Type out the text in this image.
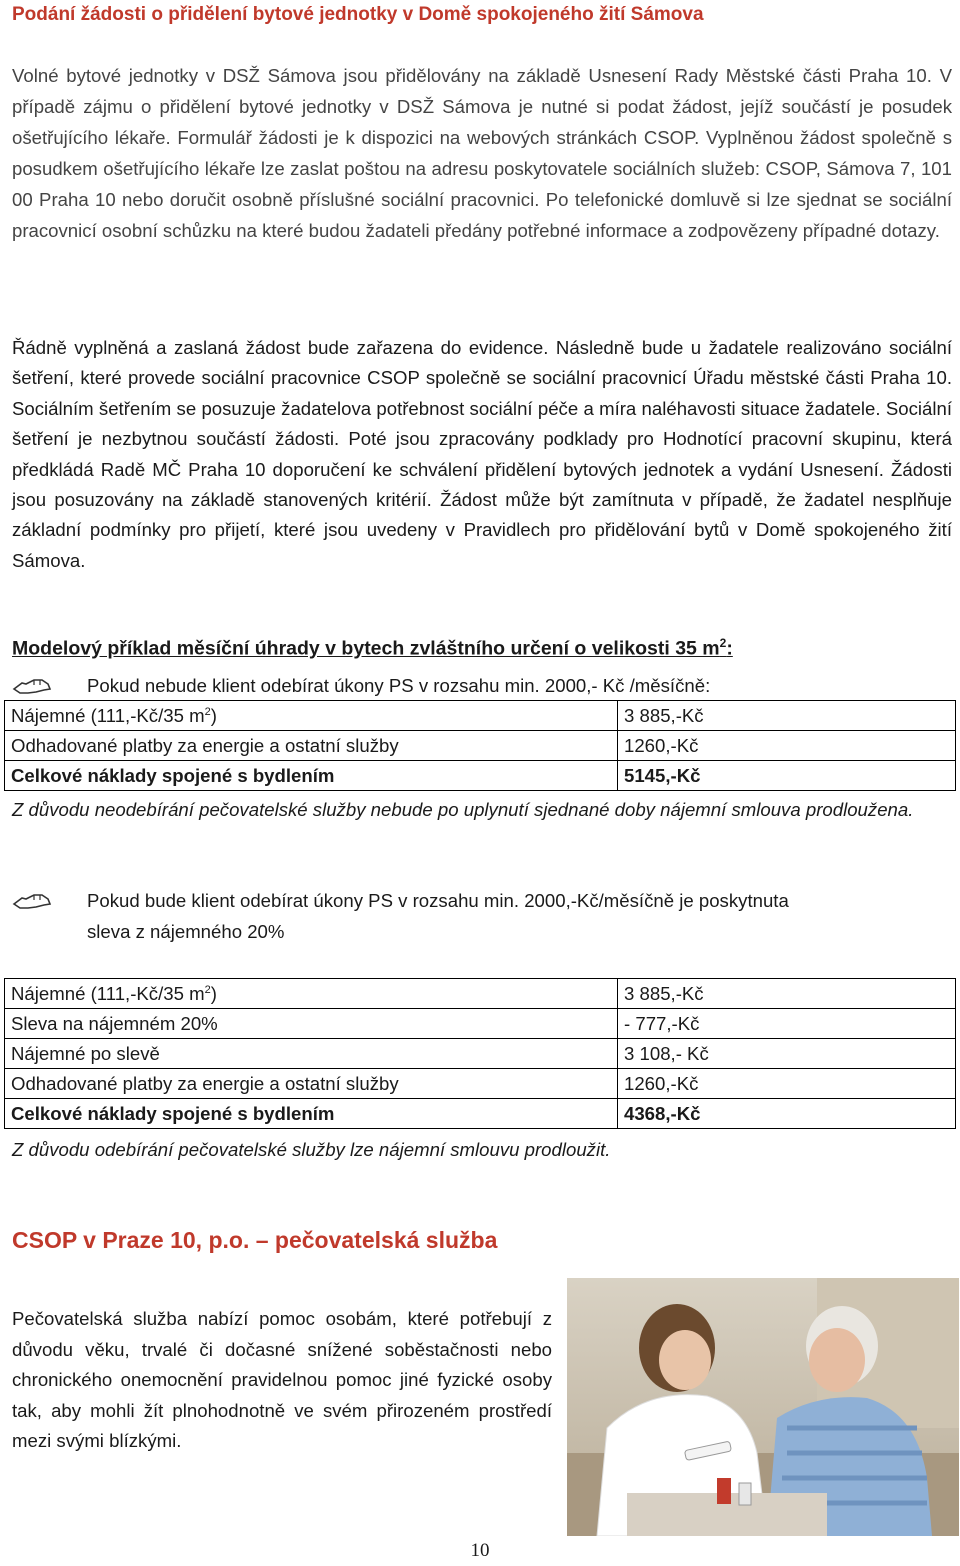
Podání žádosti o přidělení bytové jednotky v Domě spokojeného žití Sámova

Volné bytové jednotky v DSŽ Sámova jsou přidělovány na základě Usnesení Rady Městské části Praha 10. V případě zájmu o přidělení bytové jednotky v DSŽ Sámova je nutné si podat žádost, jejíž součástí je posudek ošetřujícího lékaře. Formulář žádosti je k dispozici na webových stránkách CSOP. Vyplněnou žádost společně s posudkem ošetřujícího lékaře lze zaslat poštou na adresu poskytovatele sociálních služeb: CSOP, Sámova 7, 101 00 Praha 10 nebo doručit osobně příslušné sociální pracovnici. Po telefonické domluvě si lze sjednat se sociální pracovnicí osobní schůzku na které budou žadateli předány potřebné informace a zodpovězeny případné dotazy.

Řádně vyplněná a zaslaná žádost bude zařazena do evidence. Následně bude u žadatele realizováno sociální šetření, které provede sociální pracovnice CSOP společně se sociální pracovnicí Úřadu městské části Praha 10. Sociálním šetřením se posuzuje žadatelova potřebnost sociální péče a míra naléhavosti situace žadatele. Sociální šetření je nezbytnou součástí žádosti. Poté jsou zpracovány podklady pro Hodnotící pracovní skupinu, která předkládá Radě MČ Praha 10 doporučení ke schválení přidělení bytových jednotek a vydání Usnesení. Žádosti jsou posuzovány na základě stanovených kritérií. Žádost může být zamítnuta v případě, že žadatel nesplňuje základní podmínky pro přijetí, které jsou uvedeny v Pravidlech pro přidělování bytů v Domě spokojeného žití Sámova.

Modelový příklad měsíční úhrady v bytech zvláštního určení o velikosti 35 $m^2$:
Pokud nebude klient odebírat úkony PS v rozsahu min. 2000,- Kč /měsíčně:
Nájemné (111,-Kč/35 $m^2$)	3 885,-Kč
Odhadované platby za energie a ostatní služby	1260,-Kč
Celkové náklady spojené s bydlením	5145,-Kč

Z důvodu neodebírání pečovatelské služby nebude po uplynutí sjednané doby nájemní smlouva prodloužena.

Pokud bude klient odebírat úkony PS v rozsahu min. 2000,-Kč/měsíčně je poskytnuta
sleva z nájemného 20%
Nájemné (111,-Kč/35 $m^2$)	3 885,-Kč
Sleva na nájemném 20%	- 777,-Kč
Nájemné po slevě	3 108,- Kč
Odhadované platby za energie a ostatní služby	1260,-Kč
Celkové náklady spojené s bydlením	4368,-Kč

Z důvodu odebírání pečovatelské služby lze nájemní smlouvu prodloužit.

CSOP v Praze 10, p.o. – pečovatelská služba

Pečovatelská služba nabízí pomoc osobám, které potřebují z důvodu věku, trvalé či dočasné snížené soběstačnosti nebo chronického onemocnění pravidelnou pomoc jiné fyzické osoby tak, aby mohli žít plnohodnotně ve svém přirozeném prostředí mezi svými blízkými.

10
